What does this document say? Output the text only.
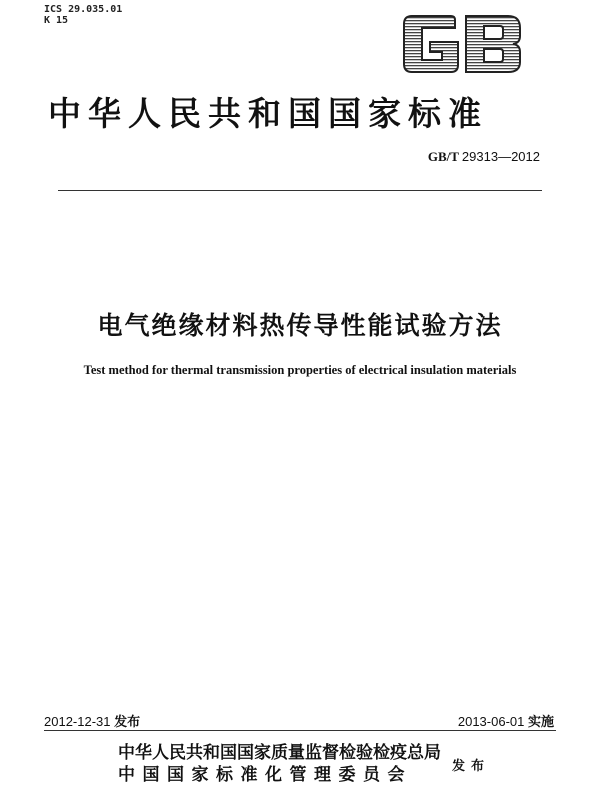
ICS 29.035.01
K 15
中华人民共和国国家标准
GB/T 29313—2012
电气绝缘材料热传导性能试验方法
Test method for thermal transmission properties of electrical insulation materials
2012-12-31 发布	2013-06-01 实施
中华人民共和国国家质量监督检验检疫总局
中国国家标准化管理委员会	发布
